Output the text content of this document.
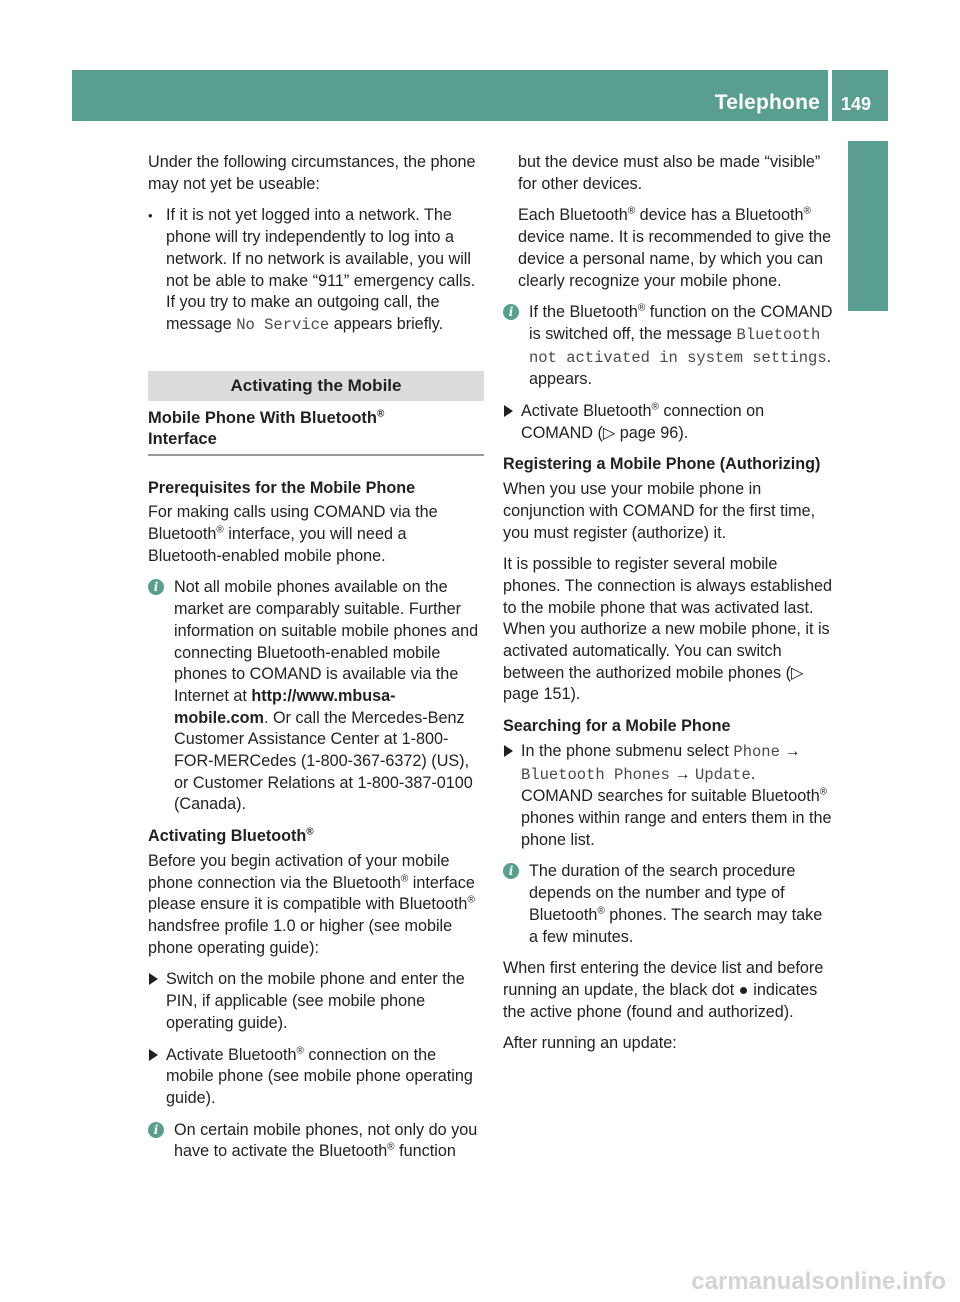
Telephone 149
COMAND APS

Under the following circumstances, the phone may not yet be useable:

• If it is not yet logged into a network. The phone will try independently to log into a network. If no network is available, you will not be able to make “911” emergency calls. If you try to make an outgoing call, the message No Service appears briefly.
Activating the Mobile
Mobile Phone With Bluetooth®
Interface

Prerequisites for the Mobile Phone

For making calls using COMAND via the Bluetooth® interface, you will need a Bluetooth-enabled mobile phone.

i Not all mobile phones available on the market are comparably suitable. Further information on suitable mobile phones and connecting Bluetooth-enabled mobile phones to COMAND is available via the Internet at http://www.mbusa-mobile.com. Or call the Mercedes-Benz Customer Assistance Center at 1-800-FOR-MERCedes (1-800-367-6372) (US), or Customer Relations at 1-800-387-0100 (Canada).

Activating Bluetooth®

Before you begin activation of your mobile phone connection via the Bluetooth® interface please ensure it is compatible with Bluetooth® handsfree profile 1.0 or higher (see mobile phone operating guide):

Switch on the mobile phone and enter the PIN, if applicable (see mobile phone operating guide).
Activate Bluetooth® connection on the mobile phone (see mobile phone operating guide).
i On certain mobile phones, not only do you have to activate the Bluetooth® function

but the device must also be made “visible” for other devices.

Each Bluetooth® device has a Bluetooth® device name. It is recommended to give the device a personal name, by which you can clearly recognize your mobile phone.

i If the Bluetooth® function on the COMAND is switched off, the message Bluetooth not activated in system settings. appears.
Activate Bluetooth® connection on COMAND (▷ page 96).

Registering a Mobile Phone (Authorizing)

When you use your mobile phone in conjunction with COMAND for the first time, you must register (authorize) it.

It is possible to register several mobile phones. The connection is always established to the mobile phone that was activated last. When you authorize a new mobile phone, it is activated automatically. You can switch between the authorized mobile phones (▷ page 151).

Searching for a Mobile Phone

In the phone submenu select Phone → Bluetooth Phones → Update.
COMAND searches for suitable Bluetooth® phones within range and enters them in the phone list.
i The duration of the search procedure depends on the number and type of Bluetooth® phones. The search may take a few minutes.

When first entering the device list and before running an update, the black dot indicates the active phone (found and authorized).

After running an update:

carmanualsonline.info
